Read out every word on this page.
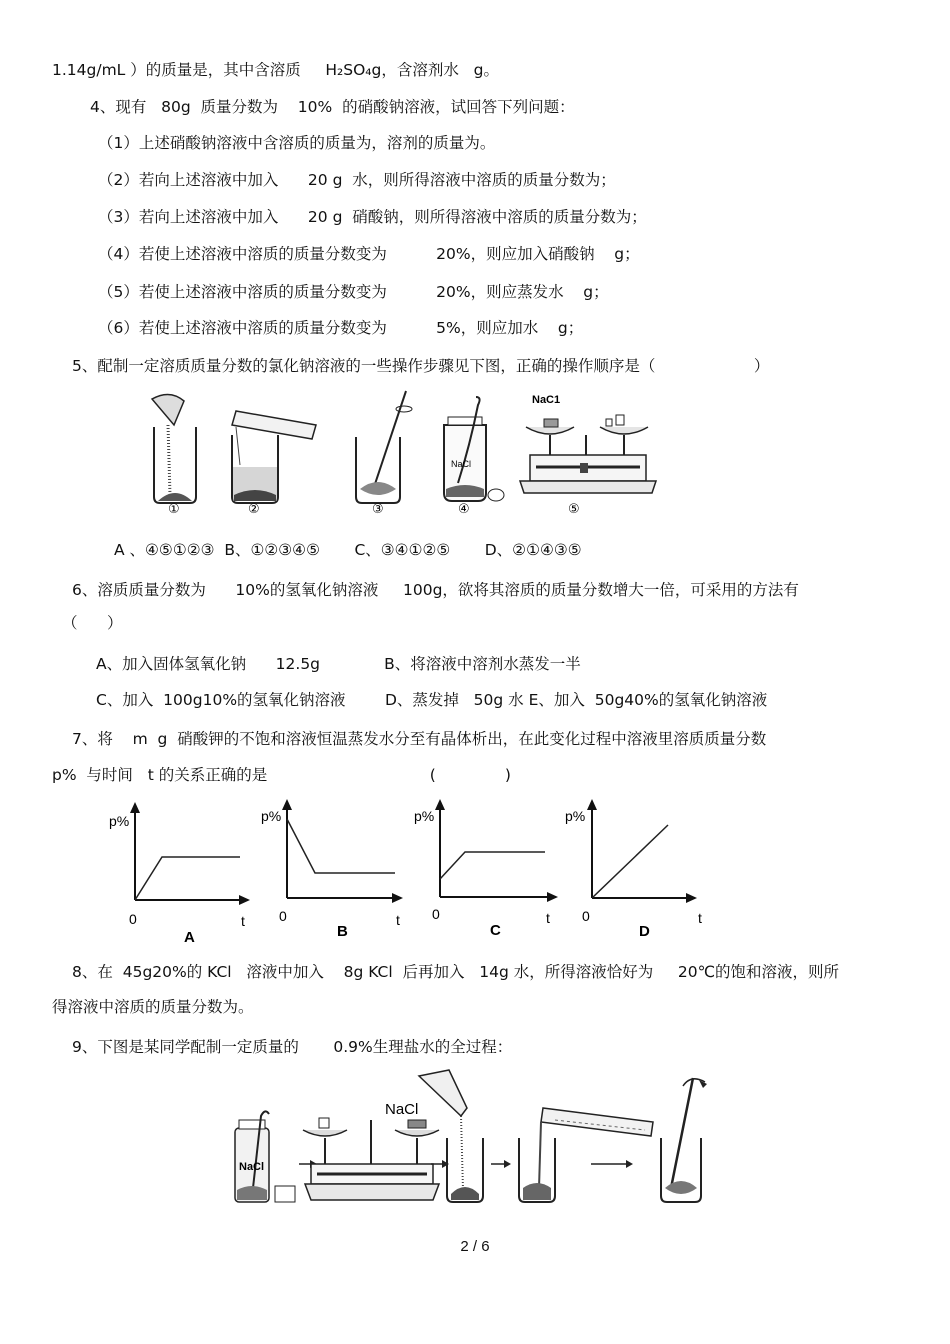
1.14g/mL ）的质量是，其中含溶质     H₂SO₄g，含溶剂水   g。
4、现有   80g  质量分数为    10%  的硝酸钠溶液，试回答下列问题：
（1）上述硝酸钠溶液中含溶质的质量为，溶剂的质量为。
（2）若向上述溶液中加入      20 g  水，则所得溶液中溶质的质量分数为；
（3）若向上述溶液中加入      20 g  硝酸钠，则所得溶液中溶质的质量分数为；
（4）若使上述溶液中溶质的质量分数变为          20%，则应加入硝酸钠    g；
（5）若使上述溶液中溶质的质量分数变为          20%，则应蒸发水    g；
（6）若使上述溶液中溶质的质量分数变为          5%，则应加水    g；
5、配制一定溶质质量分数的氯化钠溶液的一些操作步骤见下图，正确的操作顺序是（                    ）
①	②	③
NaCl
④
NaC1
⑤
A 、④⑤①②③  B、①②③④⑤       C、③④①②⑤       D、②①④③⑤
6、溶质质量分数为      10%的氢氧化钠溶液     100g，欲将其溶质的质量分数增大一倍，可采用的方法有
（      ）
A、加入固体氢氧化钠      12.5g             B、将溶液中溶剂水蒸发一半
C、加入  100g10%的氢氧化钠溶液        D、蒸发掉   50g 水 E、加入  50g40%的氢氧化钠溶液
7、将    m  g  硝酸钾的不饱和溶液恒温蒸发水分至有晶体析出，在此变化过程中溶液里溶质质量分数
p%  与时间   t 的关系正确的是                                 (              )
p%
0	t
A
p%
0	t
B
p%
0	t
C
p%
0	t
D
8、在  45g20%的 KCl   溶液中加入    8g KCl  后再加入   14g 水，所得溶液恰好为     20℃的饱和溶液，则所
得溶液中溶质的质量分数为。
9、下图是某同学配制一定质量的       0.9%生理盐水的全过程：
NaCl
NaCl
2 / 6
